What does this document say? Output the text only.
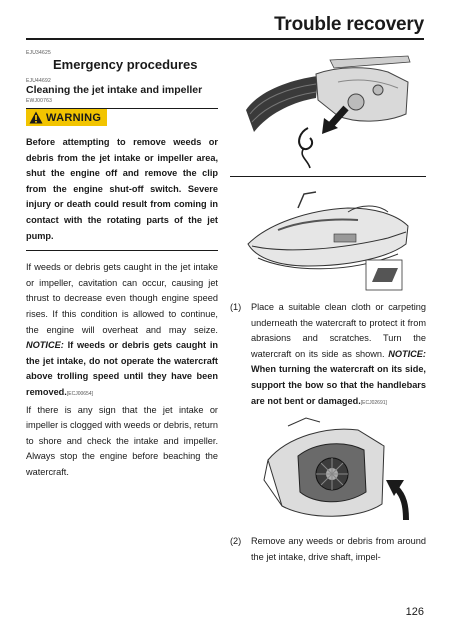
Trouble recovery
EJU34625
Emergency procedures
EJU44692
Cleaning the jet intake and impeller
EWJ00763
WARNING
Before attempting to remove weeds or debris from the jet intake or impeller area, shut the engine off and remove the clip from the engine shut-off switch. Severe injury or death could result from coming in contact with the rotating parts of the jet pump.

If weeds or debris gets caught in the jet intake or impeller, cavitation can occur, causing jet thrust to decrease even though engine speed rises. If this condition is allowed to continue, the engine will overheat and may seize. NOTICE: If weeds or debris gets caught in the jet intake, do not operate the watercraft above trolling speed until they have been removed.[ECJ00654]

If there is any sign that the jet intake or impeller is clogged with weeds or debris, return to shore and check the intake and impeller. Always stop the engine before beaching the watercraft.

(1) Place a suitable clean cloth or carpeting underneath the watercraft to protect it from abrasions and scratches. Turn the watercraft on its side as shown. NOTICE: When turning the watercraft on its side, support the bow so that the handlebars are not bent or damaged.[ECJ02691]
(2) Remove any weeds or debris from around the jet intake, drive shaft, impel-
126
